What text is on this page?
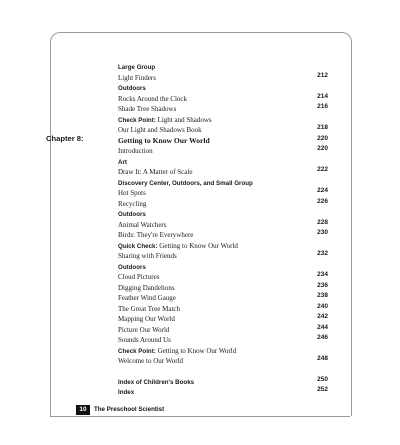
Large Group
Light Finders	212
Outdoors
Rocks Around the Clock	214
Shade Tree Shadows	216
Check Point: Light and Shadows
Our Light and Shadows Book	218
Chapter 8:	Getting to Know Our World	220
Introduction	220
Art
Draw It: A Matter of Scale	222
Discovery Center, Outdoors, and Small Group
Hot Spots	224
Recycling	226
Outdoors
Animal Watchers	228
Birds: They're Everywhere	230
Quick Check: Getting to Know Our World
Sharing with Friends	232
Outdoors
Cloud Pictures	234
Digging Dandelions	236
Feather Wind Gauge	238
The Great Tree Match	240
Mapping Our World	242
Picture Our World	244
Sounds Around Us	246
Check Point: Getting to Know Our World
Welcome to Our World	248
Index of Children's Books	250
Index	252
10	The Preschool Scientist
